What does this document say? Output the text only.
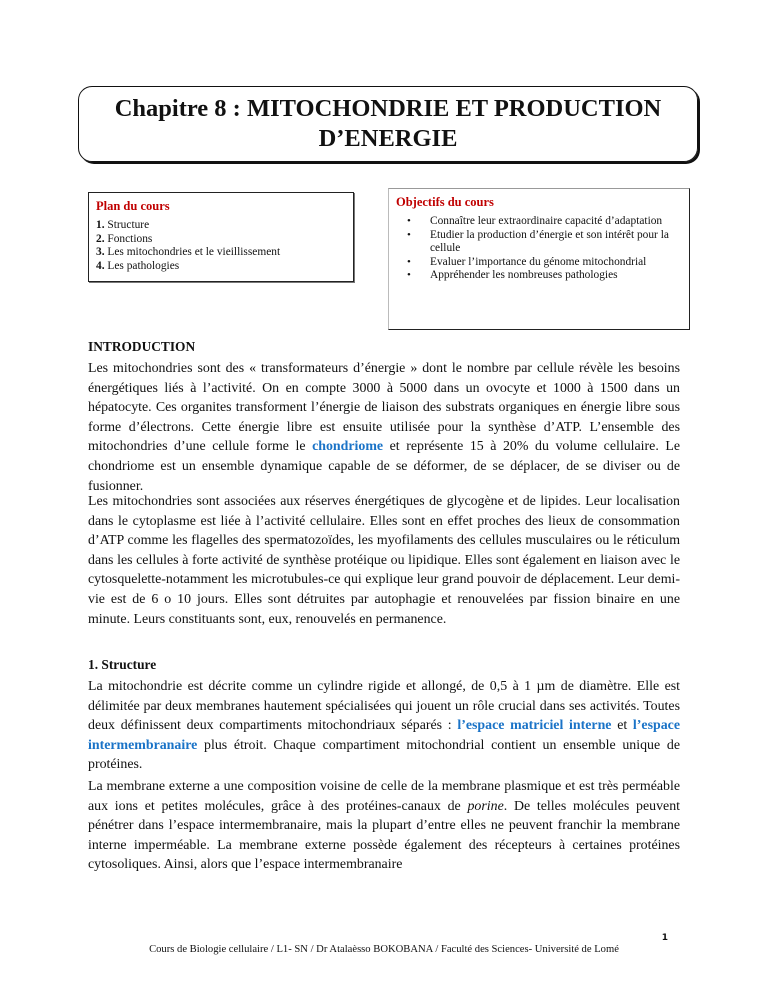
Chapitre 8 : MITOCHONDRIE ET PRODUCTION
D’ENERGIE
Plan du cours
1. Structure
2. Fonctions
3. Les mitochondries et le vieillissement
4. Les pathologies
Objectifs du cours
• Connaître leur extraordinaire capacité d’adaptation
• Etudier la production d’énergie et son intérêt pour la cellule
• Evaluer l’importance du génome mitochondrial
• Appréhender les nombreuses pathologies
INTRODUCTION

Les mitochondries sont des « transformateurs d’énergie » dont le nombre par cellule révèle les besoins énergétiques liés à l’activité. On en compte 3000 à 5000 dans un ovocyte et 1000 à 1500 dans un hépatocyte. Ces organites transforment l’énergie de liaison des substrats organiques en énergie libre sous forme d’électrons. Cette énergie libre est ensuite utilisée pour la synthèse d’ATP. L’ensemble des mitochondries d’une cellule forme le chondriome et représente 15 à 20% du volume cellulaire. Le chondriome est un ensemble dynamique capable de se déformer, de se déplacer, de se diviser ou de fusionner.

Les mitochondries sont associées aux réserves énergétiques de glycogène et de lipides. Leur localisation dans le cytoplasme est liée à l’activité cellulaire. Elles sont en effet proches des lieux de consommation d’ATP comme les flagelles des spermatozoïdes, les myofilaments des cellules musculaires ou le réticulum dans les cellules à forte activité de synthèse protéique ou lipidique. Elles sont également en liaison avec le cytosquelette-notamment les microtubules-ce qui explique leur grand pouvoir de déplacement. Leur demi-vie est de 6 o 10 jours. Elles sont détruites par autophagie et renouvelées par fission binaire en une minute. Leurs constituants sont, eux, renouvelés en permanence.

1. Structure

La mitochondrie est décrite comme un cylindre rigide et allongé, de 0,5 à 1 µm de diamètre. Elle est délimitée par deux membranes hautement spécialisées qui jouent un rôle crucial dans ses activités. Toutes deux définissent deux compartiments mitochondriaux séparés : l’espace matriciel interne et l’espace intermembranaire plus étroit. Chaque compartiment mitochondrial contient un ensemble unique de protéines.

La membrane externe a une composition voisine de celle de la membrane plasmique et est très perméable aux ions et petites molécules, grâce à des protéines-canaux de porine. De telles molécules peuvent pénétrer dans l’espace intermembranaire, mais la plupart d’entre elles ne peuvent franchir la membrane interne imperméable. La membrane externe possède également des récepteurs à certaines protéines cytosoliques. Ainsi, alors que l’espace intermembranaire

1
Cours de Biologie cellulaire / L1- SN / Dr Atalaèsso BOKOBANA / Faculté des Sciences- Université de Lomé
